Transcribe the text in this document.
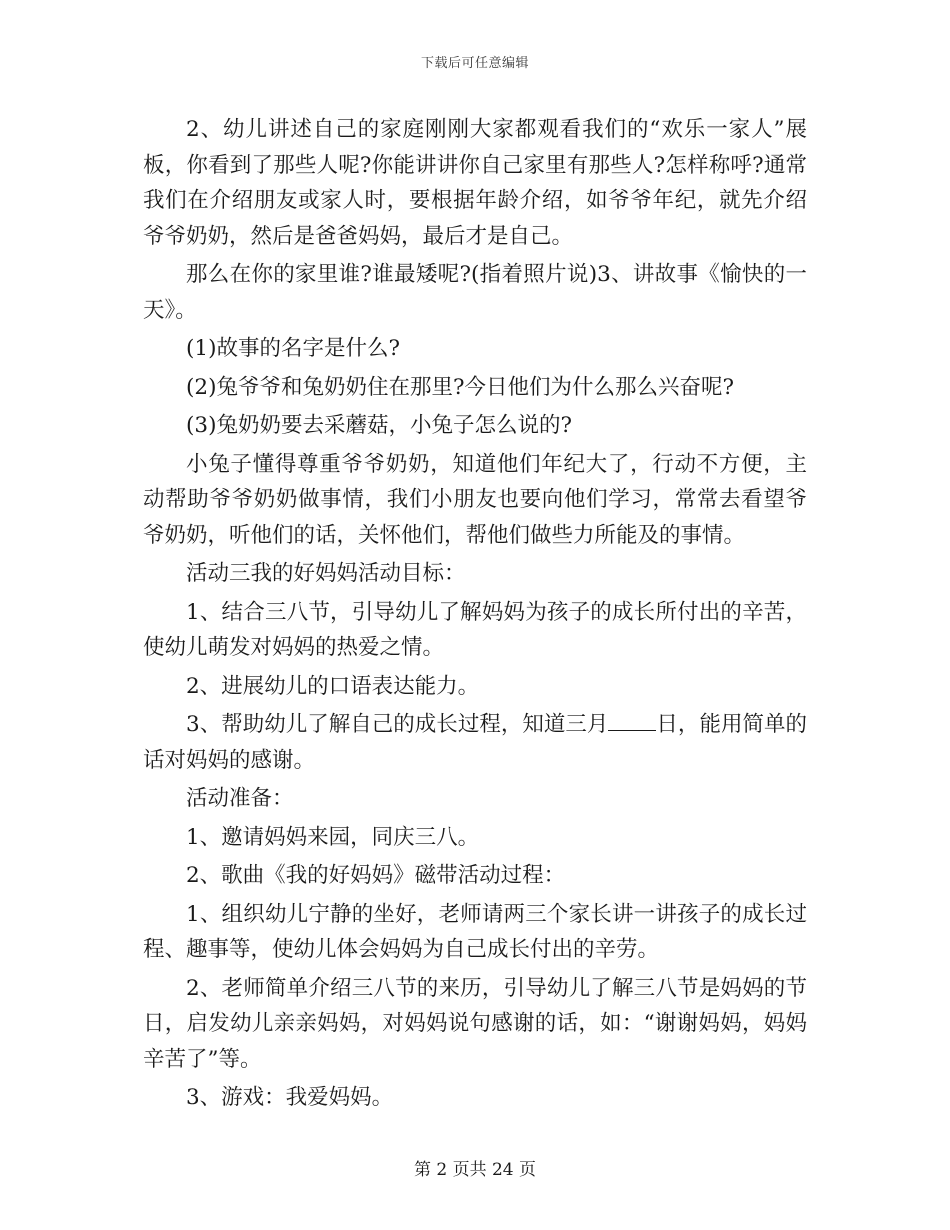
下载后可任意编辑

2、幼儿讲述自己的家庭刚刚大家都观看我们的“欢乐一家人”展板，你看到了那些人呢?你能讲讲你自己家里有那些人?怎样称呼?通常我们在介绍朋友或家人时，要根据年龄介绍，如爷爷年纪，就先介绍爷爷奶奶，然后是爸爸妈妈，最后才是自己。

那么在你的家里谁?谁最矮呢?(指着照片说)3、讲故事《愉快的一天》。

(1)故事的名字是什么?

(2)兔爷爷和兔奶奶住在那里?今日他们为什么那么兴奋呢?

(3)兔奶奶要去采蘑菇，小兔子怎么说的?

小兔子懂得尊重爷爷奶奶，知道他们年纪大了，行动不方便，主动帮助爷爷奶奶做事情，我们小朋友也要向他们学习，常常去看望爷爷奶奶，听他们的话，关怀他们，帮他们做些力所能及的事情。

活动三我的好妈妈活动目标：

1、结合三八节，引导幼儿了解妈妈为孩子的成长所付出的辛苦，使幼儿萌发对妈妈的热爱之情。

2、进展幼儿的口语表达能力。

3、帮助幼儿了解自己的成长过程，知道三月 日，能用简单的话对妈妈的感谢。

活动准备：

1、邀请妈妈来园，同庆三八。

2、歌曲《我的好妈妈》磁带活动过程：

1、组织幼儿宁静的坐好，老师请两三个家长讲一讲孩子的成长过程、趣事等，使幼儿体会妈妈为自己成长付出的辛劳。

2、老师简单介绍三八节的来历，引导幼儿了解三八节是妈妈的节日，启发幼儿亲亲妈妈，对妈妈说句感谢的话，如：“谢谢妈妈，妈妈辛苦了”等。

3、游戏：我爱妈妈。

第 2 页共 24 页
